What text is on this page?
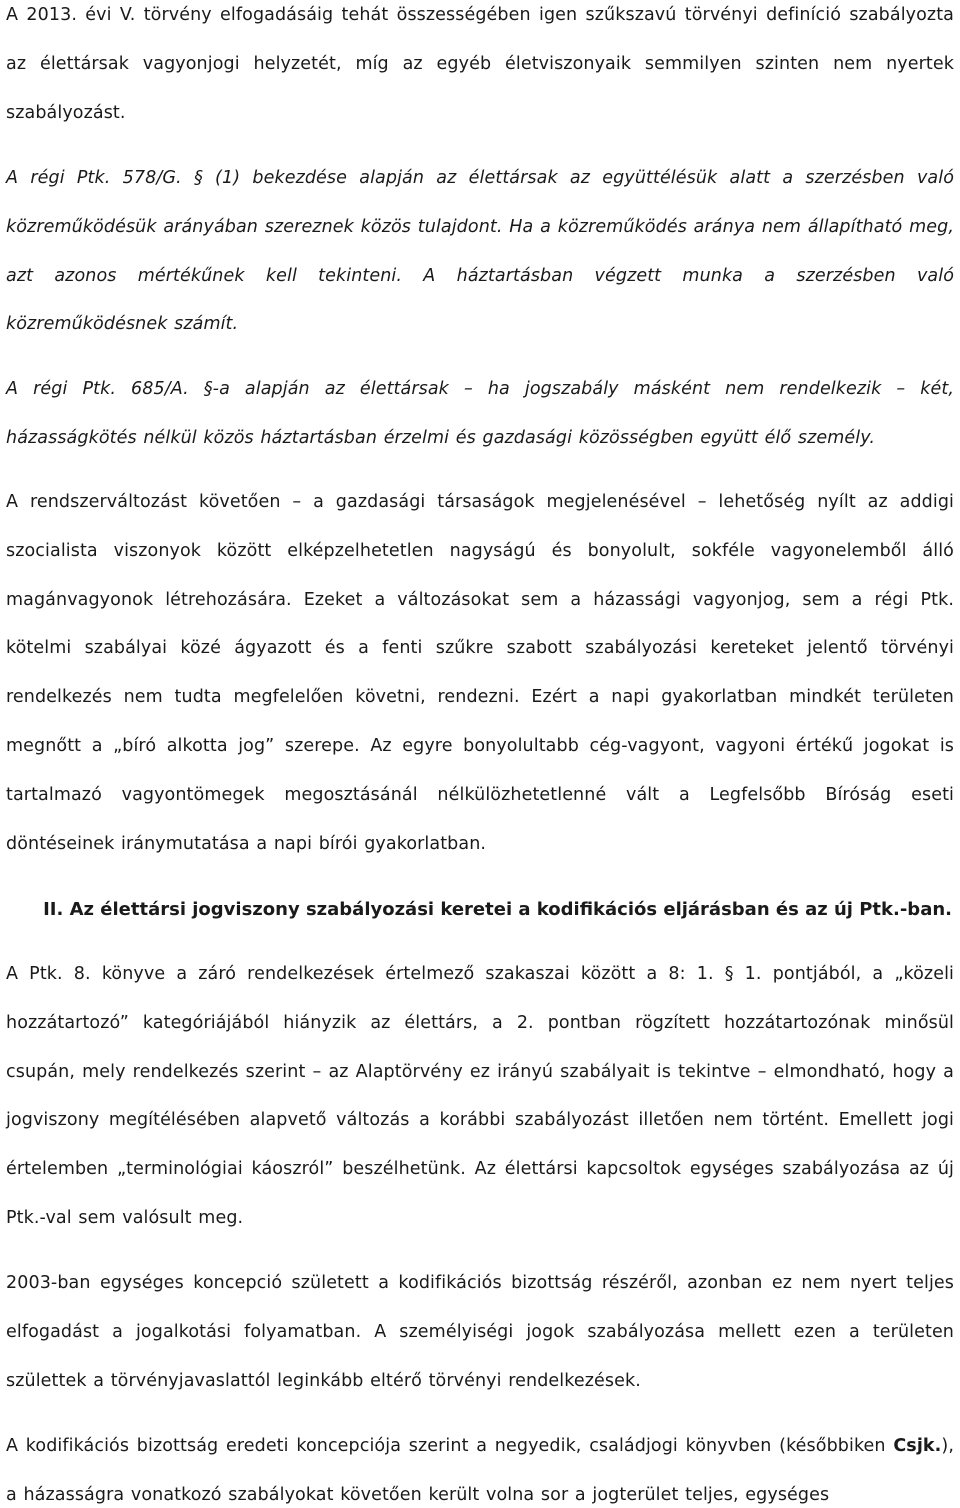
A 2013. évi V. törvény elfogadásáig tehát összességében igen szűkszavú törvényi definíció szabályozta az élettársak vagyonjogi helyzetét, míg az egyéb életviszonyaik semmilyen szinten nem nyertek szabályozást.

A régi Ptk. 578/G. § (1) bekezdése alapján az élettársak az együttélésük alatt a szerzésben való közreműködésük arányában szereznek közös tulajdont. Ha a közreműködés aránya nem állapítható meg, azt azonos mértékűnek kell tekinteni. A háztartásban végzett munka a szerzésben való közreműködésnek számít.

A régi Ptk. 685/A. §-a alapján az élettársak – ha jogszabály másként nem rendelkezik – két, házasságkötés nélkül közös háztartásban érzelmi és gazdasági közösségben együtt élő személy.

A rendszerváltozást követően – a gazdasági társaságok megjelenésével – lehetőség nyílt az addigi szocialista viszonyok között elképzelhetetlen nagyságú és bonyolult, sokféle vagyonelemből álló magánvagyonok létrehozására. Ezeket a változásokat sem a házassági vagyonjog, sem a régi Ptk. kötelmi szabályai közé ágyazott és a fenti szűkre szabott szabályozási kereteket jelentő törvényi rendelkezés nem tudta megfelelően követni, rendezni. Ezért a napi gyakorlatban mindkét területen megnőtt a „bíró alkotta jog” szerepe. Az egyre bonyolultabb cég-vagyont, vagyoni értékű jogokat is tartalmazó vagyontömegek megosztásánál nélkülözhetetlenné vált a Legfelsőbb Bíróság eseti döntéseinek iránymutatása a napi bírói gyakorlatban.

II. Az élettársi jogviszony szabályozási keretei a kodifikációs eljárásban és az új Ptk.-ban.

A Ptk. 8. könyve a záró rendelkezések értelmező szakaszai között a 8: 1. § 1. pontjából, a „közeli hozzátartozó” kategóriájából hiányzik az élettárs, a 2. pontban rögzített hozzátartozónak minősül csupán, mely rendelkezés szerint – az Alaptörvény ez irányú szabályait is tekintve – elmondható, hogy a jogviszony megítélésében alapvető változás a korábbi szabályozást illetően nem történt. Emellett jogi értelemben „terminológiai káoszról” beszélhetünk. Az élettársi kapcsoltok egységes szabályozása az új Ptk.-val sem valósult meg.

2003-ban egységes koncepció született a kodifikációs bizottság részéről, azonban ez nem nyert teljes elfogadást a jogalkotási folyamatban. A személyiségi jogok szabályozása mellett ezen a területen születtek a törvényjavaslattól leginkább eltérő törvényi rendelkezések.

A kodifikációs bizottság eredeti koncepciója szerint a negyedik, családjogi könyvben (későbbiken Csjk.), a házasságra vonatkozó szabályokat követően került volna sor a jogterület teljes, egységes
